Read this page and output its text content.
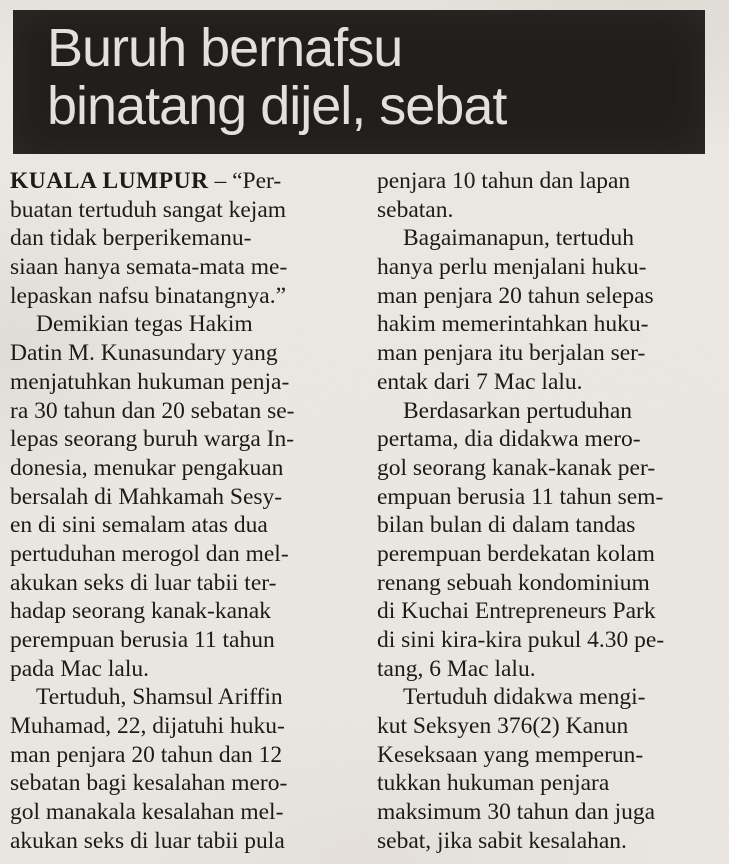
Buruh bernafsu
binatang dijel, sebat
KUALA LUMPUR – “Per-
buatan tertuduh sangat kejam
dan tidak berperikemanu-
siaan hanya semata-mata me-
lepaskan nafsu binatangnya.”
Demikian tegas Hakim
Datin M. Kunasundary yang
menjatuhkan hukuman penja-
ra 30 tahun dan 20 sebatan se-
lepas seorang buruh warga In-
donesia, menukar pengakuan
bersalah di Mahkamah Sesy-
en di sini semalam atas dua
pertuduhan merogol dan mel-
akukan seks di luar tabii ter-
hadap seorang kanak-kanak
perempuan berusia 11 tahun
pada Mac lalu.
Tertuduh, Shamsul Ariffin
Muhamad, 22, dijatuhi huku-
man penjara 20 tahun dan 12
sebatan bagi kesalahan mero-
gol manakala kesalahan mel-
akukan seks di luar tabii pula
penjara 10 tahun dan lapan
sebatan.
Bagaimanapun, tertuduh
hanya perlu menjalani huku-
man penjara 20 tahun selepas
hakim memerintahkan huku-
man penjara itu berjalan ser-
entak dari 7 Mac lalu.
Berdasarkan pertuduhan
pertama, dia didakwa mero-
gol seorang kanak-kanak per-
empuan berusia 11 tahun sem-
bilan bulan di dalam tandas
perempuan berdekatan kolam
renang sebuah kondominium
di Kuchai Entrepreneurs Park
di sini kira-kira pukul 4.30 pe-
tang, 6 Mac lalu.
Tertuduh didakwa mengi-
kut Seksyen 376(2) Kanun
Keseksaan yang memperun-
tukkan hukuman penjara
maksimum 30 tahun dan juga
sebat, jika sabit kesalahan.
